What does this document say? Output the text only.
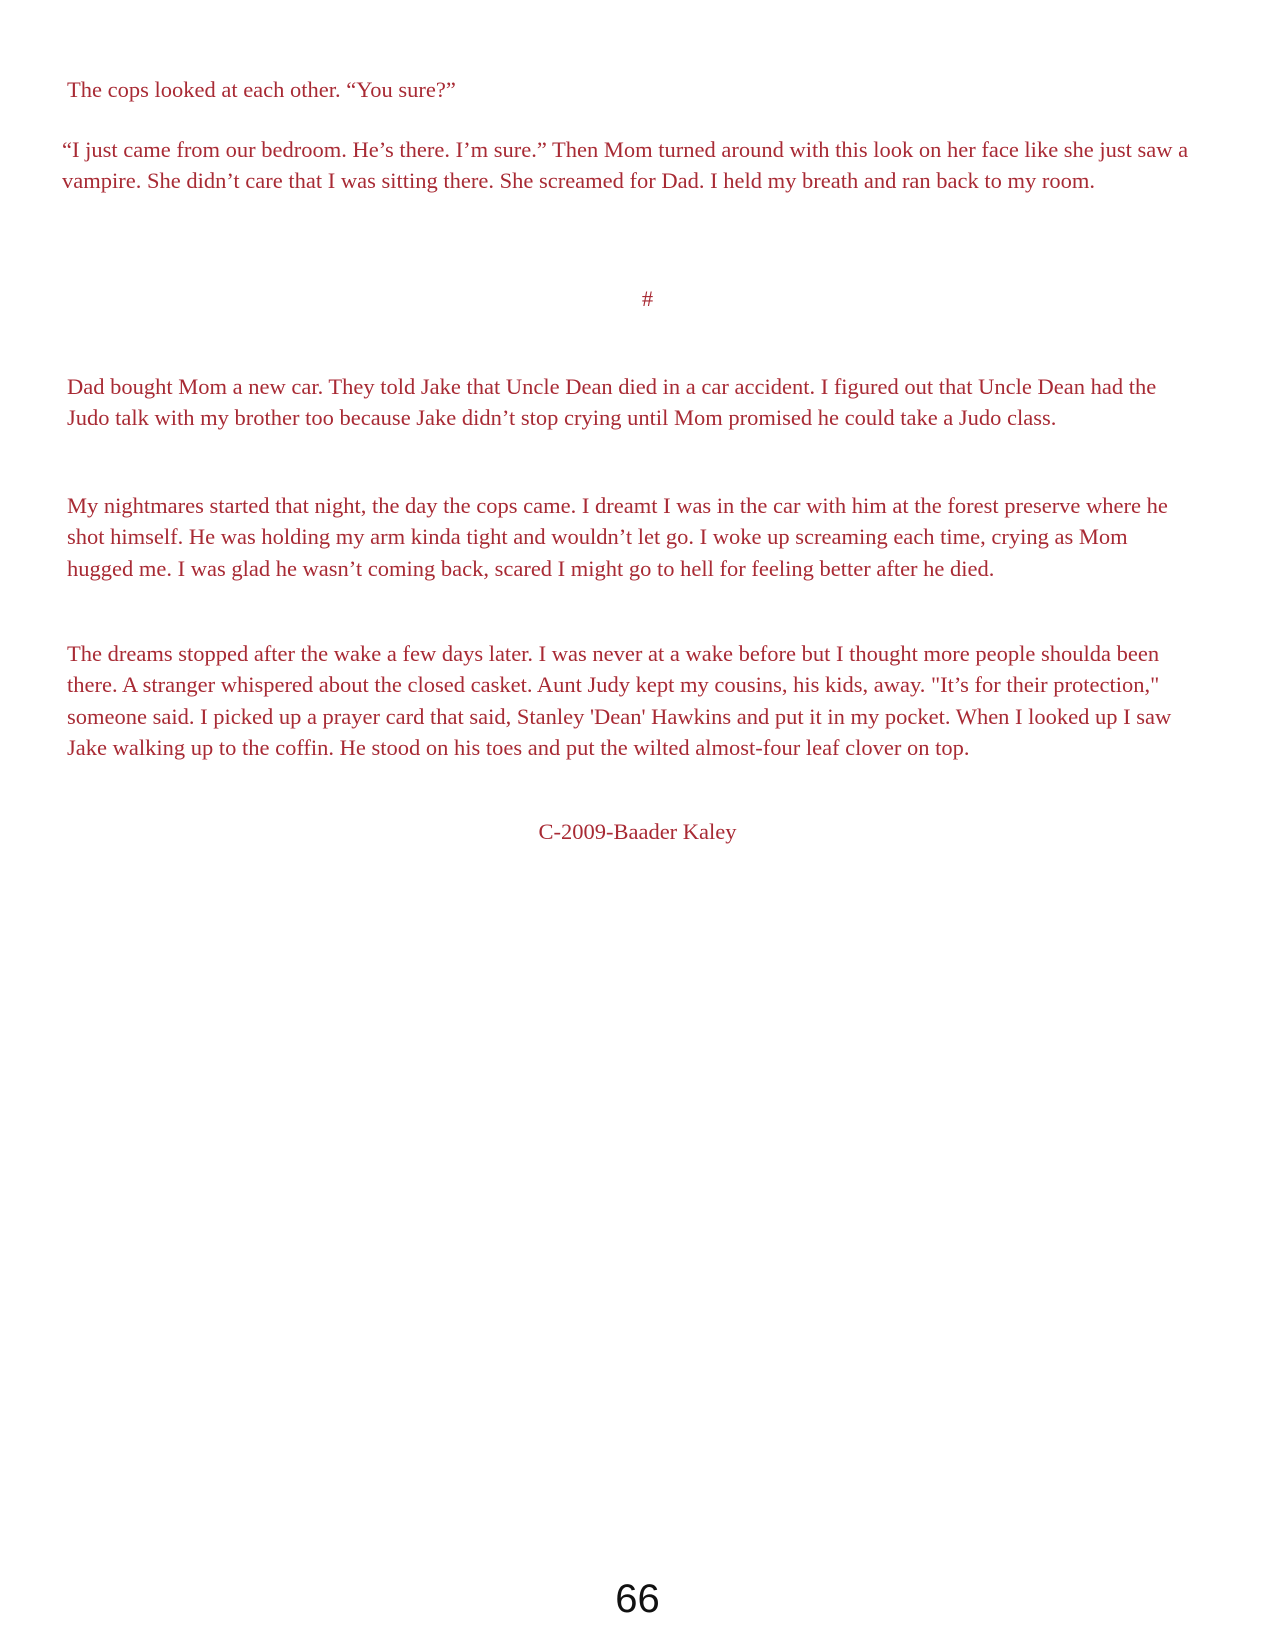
The cops looked at each other. “You sure?”

“I just came from our bedroom. He’s there. I’m sure.” Then Mom turned around with this look on her face like she just saw a vampire. She didn’t care that I was sitting there. She screamed for Dad. I held my breath and ran back to my room.

#

Dad bought Mom a new car. They told Jake that Uncle Dean died in a car accident. I figured out that Uncle Dean had the Judo talk with my brother too because Jake didn’t stop crying until Mom promised he could take a Judo class.

My nightmares started that night, the day the cops came. I dreamt I was in the car with him at the forest preserve where he shot himself. He was holding my arm kinda tight and wouldn’t let go. I woke up screaming each time, crying as Mom hugged me. I was glad he wasn’t coming back, scared I might go to hell for feeling better after he died.

The dreams stopped after the wake a few days later. I was never at a wake before but I thought more people shoulda been there. A stranger whispered about the closed casket. Aunt Judy kept my cousins, his kids, away. "It’s for their protection," someone said. I picked up a prayer card that said, Stanley 'Dean' Hawkins and put it in my pocket. When I looked up I saw Jake walking up to the coffin. He stood on his toes and put the wilted almost-four leaf clover on top.

C-2009-Baader Kaley

66
